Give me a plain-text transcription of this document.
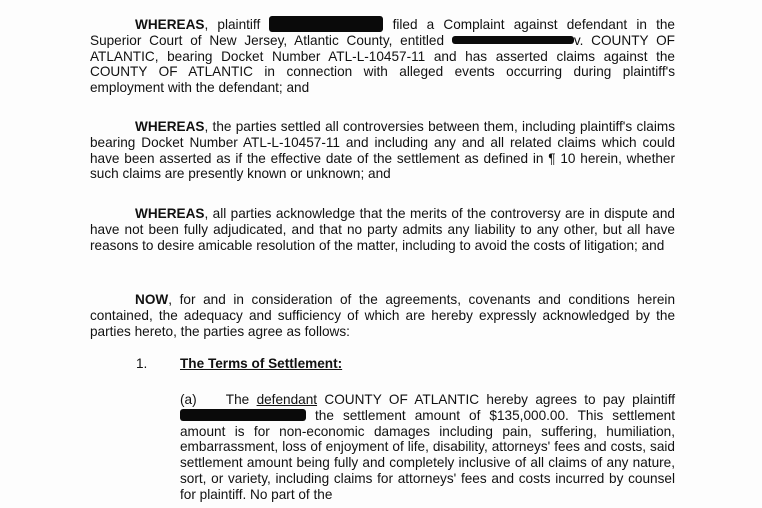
WHEREAS, plaintiff	filed a Complaint against defendant in the Superior Court of New Jersey, Atlantic County, entitled	v. COUNTY OF ATLANTIC, bearing Docket Number ATL-L-10457-11 and has asserted claims against the COUNTY OF ATLANTIC in connection with alleged events occurring during plaintiff's employment with the defendant; and
WHEREAS, the parties settled all controversies between them, including plaintiff's claims bearing Docket Number ATL-L-10457-11 and including any and all related claims which could have been asserted as if the effective date of the settlement as defined in ¶ 10 herein, whether such claims are presently known or unknown; and
WHEREAS, all parties acknowledge that the merits of the controversy are in dispute and have not been fully adjudicated, and that no party admits any liability to any other, but all have reasons to desire amicable resolution of the matter, including to avoid the costs of litigation; and
NOW, for and in consideration of the agreements, covenants and conditions herein contained, the adequacy and sufficiency of which are hereby expressly acknowledged by the parties hereto, the parties agree as follows:
1. The Terms of Settlement:
(a) The defendant COUNTY OF ATLANTIC hereby agrees to pay plaintiff  the settlement amount of $135,000.00. This settlement amount is for non-economic damages including pain, suffering, humiliation, embarrassment, loss of enjoyment of life, disability, attorneys' fees and costs, said settlement amount being fully and completely inclusive of all claims of any nature, sort, or variety, including claims for attorneys' fees and costs incurred by counsel for plaintiff. No part of the
